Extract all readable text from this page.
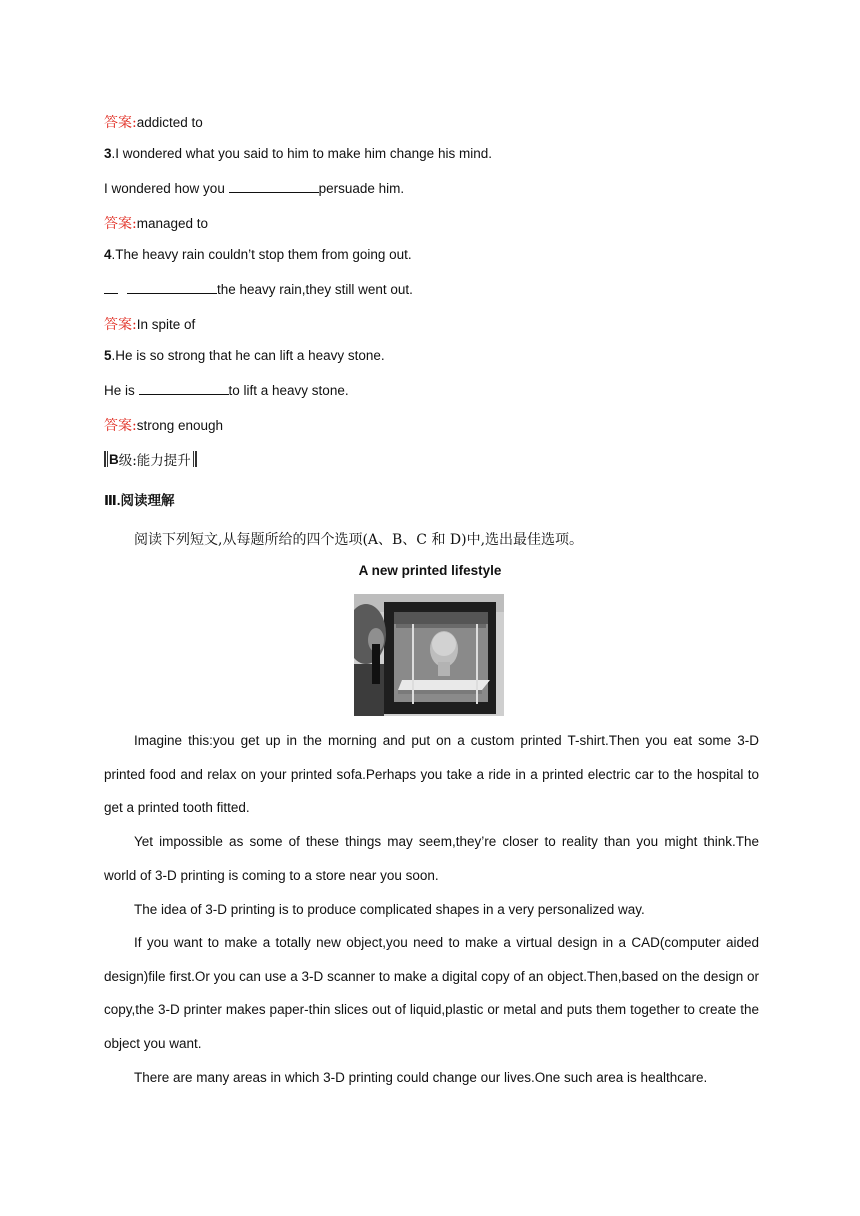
答案:addicted to
3.I wondered what you said to him to make him change his mind.
I wondered how you	persuade him.
答案:managed to
4.The heavy rain couldn’t stop them from going out.
the heavy rain,they still went out.
答案:In spite of
5.He is so strong that he can lift a heavy stone.
He is	to lift a heavy stone.
答案:strong enough
B 级:能力提升
Ⅲ.阅读理解
阅读下列短文,从每题所给的四个选项(A、B、C 和 D)中,选出最佳选项。
A new printed lifestyle
Imagine this:you get up in the morning and put on a custom printed T-shirt.Then you eat some 3-D printed food and relax on your printed sofa.Perhaps you take a ride in a printed electric car to the hospital to get a printed tooth fitted.
Yet impossible as some of these things may seem,they’re closer to reality than you might think.The world of 3-D printing is coming to a store near you soon.
The idea of 3-D printing is to produce complicated shapes in a very personalized way.
If you want to make a totally new object,you need to make a virtual design in a CAD(computer aided design)file first.Or you can use a 3-D scanner to make a digital copy of an object.Then,based on the design or copy,the 3-D printer makes paper-thin slices out of liquid,plastic or metal and puts them together to create the object you want.
There are many areas in which 3-D printing could change our lives.One such area is healthcare.
